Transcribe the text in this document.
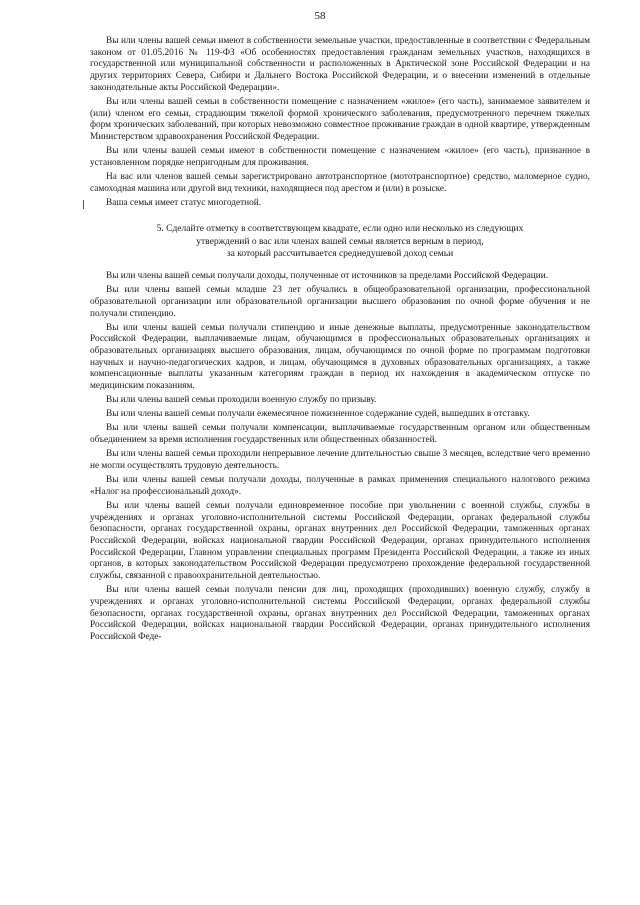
58

Вы или члены вашей семьи имеют в собственности земельные участки, предоставленные в соответствии с Федеральным законом от 01.05.2016 № 119-ФЗ «Об особенностях предоставления гражданам земельных участков, находящихся в государственной или муниципальной собственности и расположенных в Арктической зоне Российской Федерации и на других территориях Севера, Сибири и Дальнего Востока Российской Федерации, и о внесении изменений в отдельные законодательные акты Российской Федерации».

Вы или члены вашей семьи в собственности помещение с назначением «жилое» (его часть), занимаемое заявителем и (или) членом его семьи, страдающим тяжелой формой хронического заболевания, предусмотренного перечнем тяжелых форм хронических заболеваний, при которых невозможно совместное проживание граждан в одной квартире, утвержденным Министерством здравоохранения Российской Федерации.

Вы или члены вашей семьи имеют в собственности помещение с назначением «жилое» (его часть), признанное в установленном порядке непригодным для проживания.

На вас или членов вашей семьи зарегистрировано автотранспортное (мототранспортное) средство, маломерное судно, самоходная машина или другой вид техники, находящиеся под арестом и (или) в розыске.

Ваша семья имеет статус многодетной.

5. Сделайте отметку в соответствующем квадрате, если одно или несколько из следующих
утверждений о вас или членах вашей семьи является верным в период,
за который рассчитывается среднедушевой доход семьи

Вы или члены вашей семьи получали доходы, полученные от источников за пределами Российской Федерации.

Вы или члены вашей семьи младше 23 лет обучались в общеобразовательной организации, профессиональной образовательной организации или образовательной организации высшего образования по очной форме обучения и не получали стипендию.

Вы или члены вашей семьи получали стипендию и иные денежные выплаты, предусмотренные законодательством Российской Федерации, выплачиваемые лицам, обучающимся в профессиональных образовательных организациях и образовательных организациях высшего образования, лицам, обучающимся по очной форме по программам подготовки научных и научно-педагогических кадров, и лицам, обучающимся в духовных образовательных организациях, а также компенсационные выплаты указанным категориям граждан в период их нахождения в академическом отпуске по медицинским показаниям.

Вы или члены вашей семьи проходили военную службу по призыву.

Вы или члены вашей семьи получали ежемесячное пожизненное содержание судей, вышедших в отставку.

Вы или члены вашей семьи получали компенсации, выплачиваемые государственным органом или общественным объединением за время исполнения государственных или общественных обязанностей.

Вы или члены вашей семьи проходили непрерывное лечение длительностью свыше 3 месяцев, вследствие чего временно не могли осуществлять трудовую деятельность.

Вы или члены вашей семьи получали доходы, полученные в рамках применения специального налогового режима «Налог на профессиональный доход».

Вы или члены вашей семьи получали единовременное пособие при увольнении с военной службы, службы в учреждениях и органах уголовно-исполнительной системы Российской Федерации, органах федеральной службы безопасности, органах государственной охраны, органах внутренних дел Российской Федерации, таможенных органах Российской Федерации, войсках национальной гвардии Российской Федерации, органах принудительного исполнения Российской Федерации, Главном управлении специальных программ Президента Российской Федерации, а также из иных органов, в которых законодательством Российской Федерации предусмотрено прохождение федеральной государственной службы, связанной с правоохранительной деятельностью.

Вы или члены вашей семьи получали пенсии для лиц, проходящих (проходивших) военную службу, службу в учреждениях и органах уголовно-исполнительной системы Российской Федерации, органах федеральной службы безопасности, органах государственной охраны, органах внутренних дел Российской Федерации, таможенных органах Российской Федерации, войсках национальной гвардии Российской Федерации, органах принудительного исполнения Российской Феде-
